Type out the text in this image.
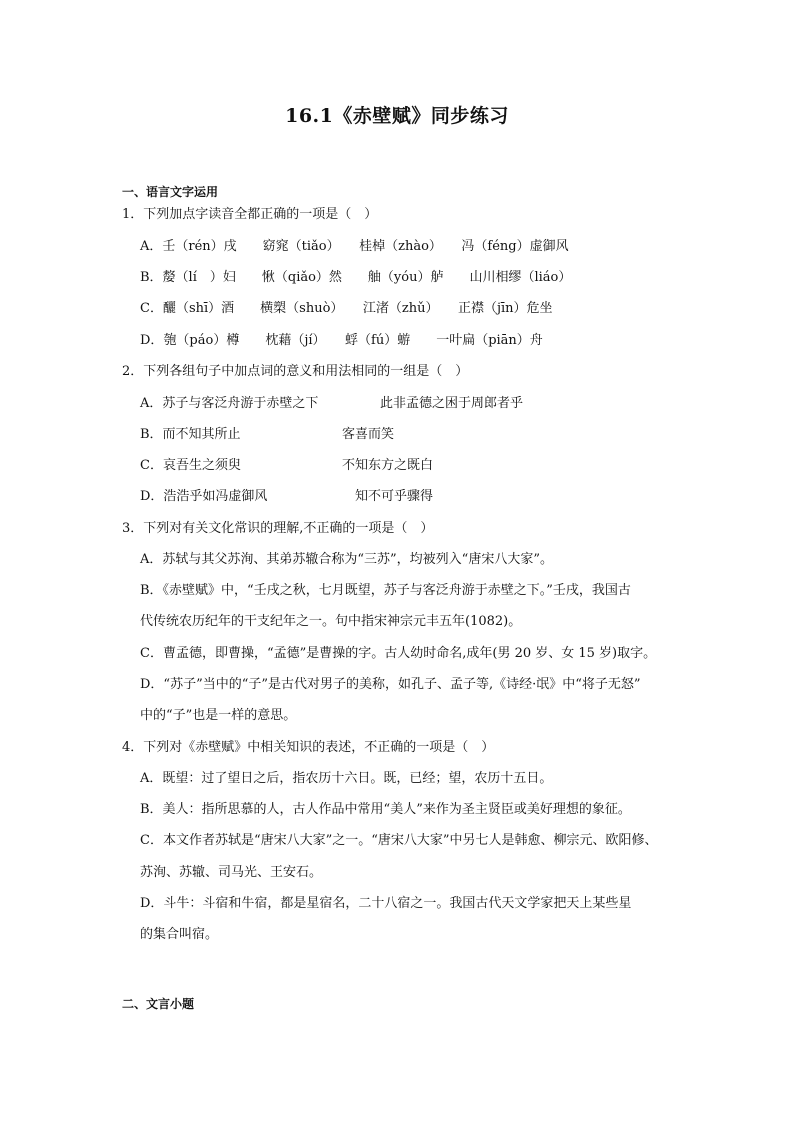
16.1《赤壁赋》同步练习
一、语言文字运用
1．下列加点字读音全都正确的一项是（　）
A．壬（rén）戌　　窈窕（tiǎo）　　桂棹（zhào）　　冯（féng）虚御风
B．嫠（lí　）妇　　愀（qiǎo）然　　舳（yóu）舻　　山川相缪（liáo）
C．釃（shī）酒　　横槊（shuò）　　江渚（zhǔ）　　正襟（jīn）危坐
D．匏（páo）樽　　枕藉（jí）　　蜉（fú）蝣　　一叶扁（piān）舟
2．下列各组句子中加点词的意义和用法相同的一组是（　）
A．苏子与客泛舟游于赤壁之下	此非孟德之困于周郎者乎
B．而不知其所止	客喜而笑
C．哀吾生之须臾	不知东方之既白
D．浩浩乎如冯虚御风	知不可乎骤得
3．下列对有关文化常识的理解,不正确的一项是（　）
A．苏轼与其父苏洵、其弟苏辙合称为“三苏”，均被列入“唐宋八大家”。
B．《赤壁赋》中，“壬戌之秋，七月既望，苏子与客泛舟游于赤壁之下。”壬戌，我国古
代传统农历纪年的干支纪年之一。句中指宋神宗元丰五年(1082)。
C．曹孟德，即曹操，“孟德”是曹操的字。古人幼时命名,成年(男 20 岁、女 15 岁)取字。
D．“苏子”当中的“子”是古代对男子的美称，如孔子、孟子等,《诗经·氓》中“将子无怒”
中的“子”也是一样的意思。
4．下列对《赤壁赋》中相关知识的表述，不正确的一项是（　）
A．既望：过了望日之后，指农历十六日。既，已经；望，农历十五日。
B．美人：指所思慕的人，古人作品中常用“美人”来作为圣主贤臣或美好理想的象征。
C．本文作者苏轼是“唐宋八大家”之一。“唐宋八大家”中另七人是韩愈、柳宗元、欧阳修、
苏洵、苏辙、司马光、王安石。
D．斗牛：斗宿和牛宿，都是星宿名，二十八宿之一。我国古代天文学家把天上某些星
的集合叫宿。
二、文言小题
